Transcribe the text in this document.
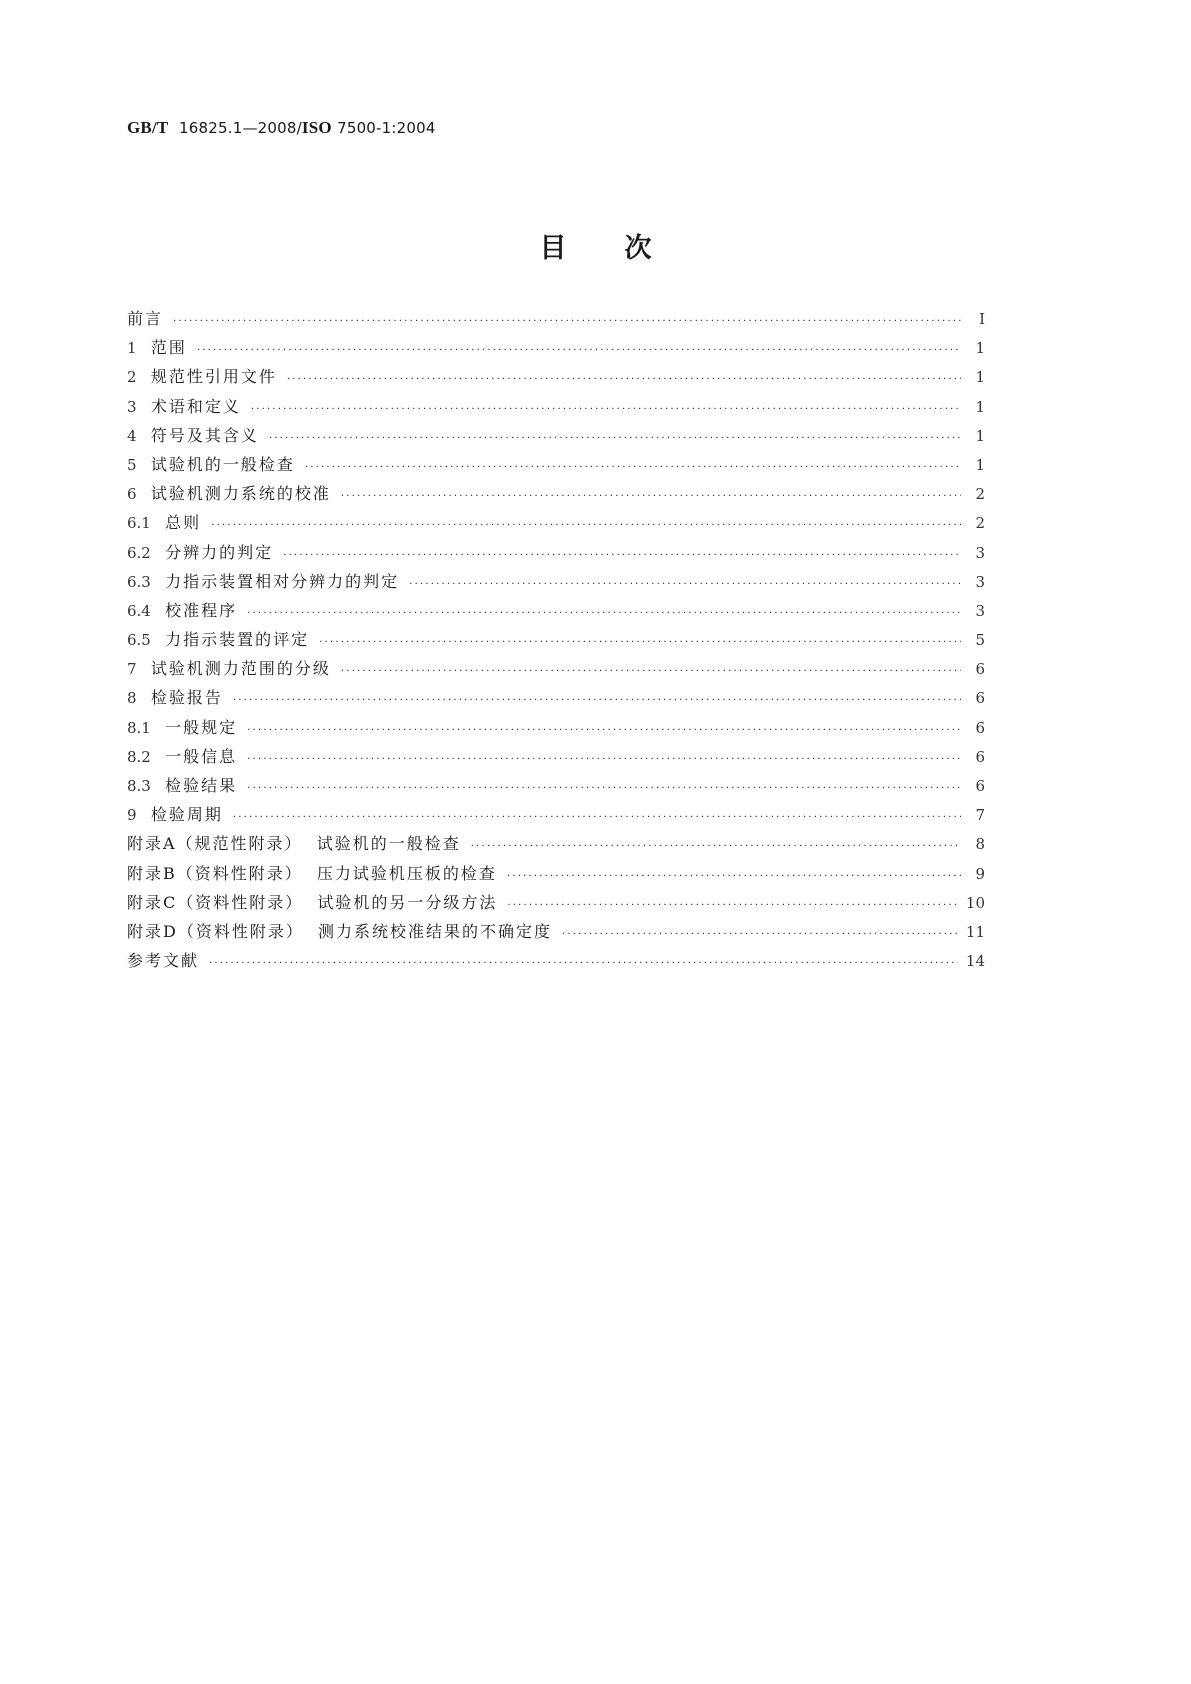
GB/T 16825.1—2008/ISO 7500-1:2004
目 次
前言 ·····	I
1 范围 ·····	1
2 规范性引用文件 ·····	1
3 术语和定义 ·····	1
4 符号及其含义 ·····	1
5 试验机的一般检查 ·····	1
6 试验机测力系统的校准 ·····	2
6.1 总则 ·····	2
6.2 分辨力的判定 ·····	3
6.3 力指示装置相对分辨力的判定 ·····	3
6.4 校准程序 ·····	3
6.5 力指示装置的评定 ·····	5
7 试验机测力范围的分级 ·····	6
8 检验报告 ·····	6
8.1 一般规定 ·····	6
8.2 一般信息 ·····	6
8.3 检验结果 ·····	6
9 检验周期 ·····	7
附录A（规范性附录）  试验机的一般检查 ·····	8
附录B（资料性附录）  压力试验机压板的检查 ·····	9
附录C（资料性附录）  试验机的另一分级方法 ·····	10
附录D（资料性附录）  测力系统校准结果的不确定度 ·····	11
参考文献 ·····	14
